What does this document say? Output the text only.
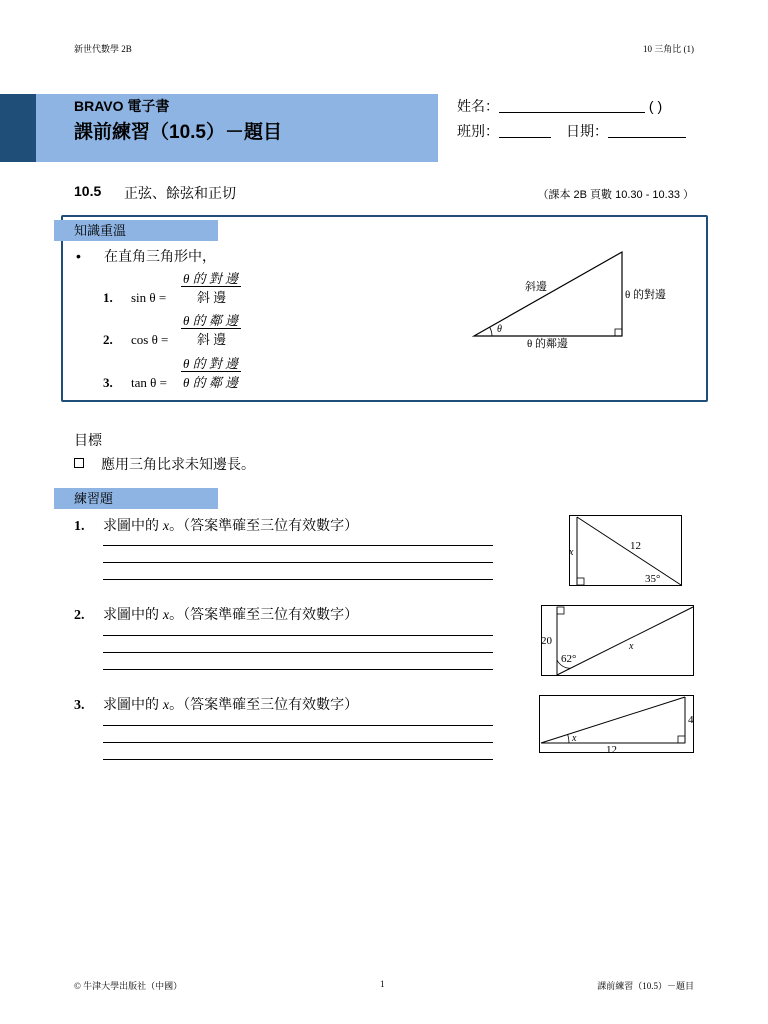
新世代數學 2B	10 三角比 (1)
BRAVO 電子書
課前練習（10.5）－題目
姓名：	( )
班別：	日期：
10.5 正弦、餘弦和正切	（課本 2B 頁數 10.30 - 10.33 ）
知識重溫
• 在直角三角形中，
1. sin θ =
θ 的 對 邊
斜 邊
2. cos θ =
θ 的 鄰 邊
斜 邊
3. tan θ =
θ 的 對 邊
θ 的 鄰 邊
θ
斜邊
θ 的對邊
θ 的鄰邊
目標
應用三角比求未知邊長。
練習題
1. 求圖中的 x。（答案準確至三位有效數字）
x
12
35°
2. 求圖中的 x。（答案準確至三位有效數字）
20
62°
x
3. 求圖中的 x。（答案準確至三位有效數字）
x
4
12
© 牛津大學出版社（中國）	1	課前練習（10.5）－題目
